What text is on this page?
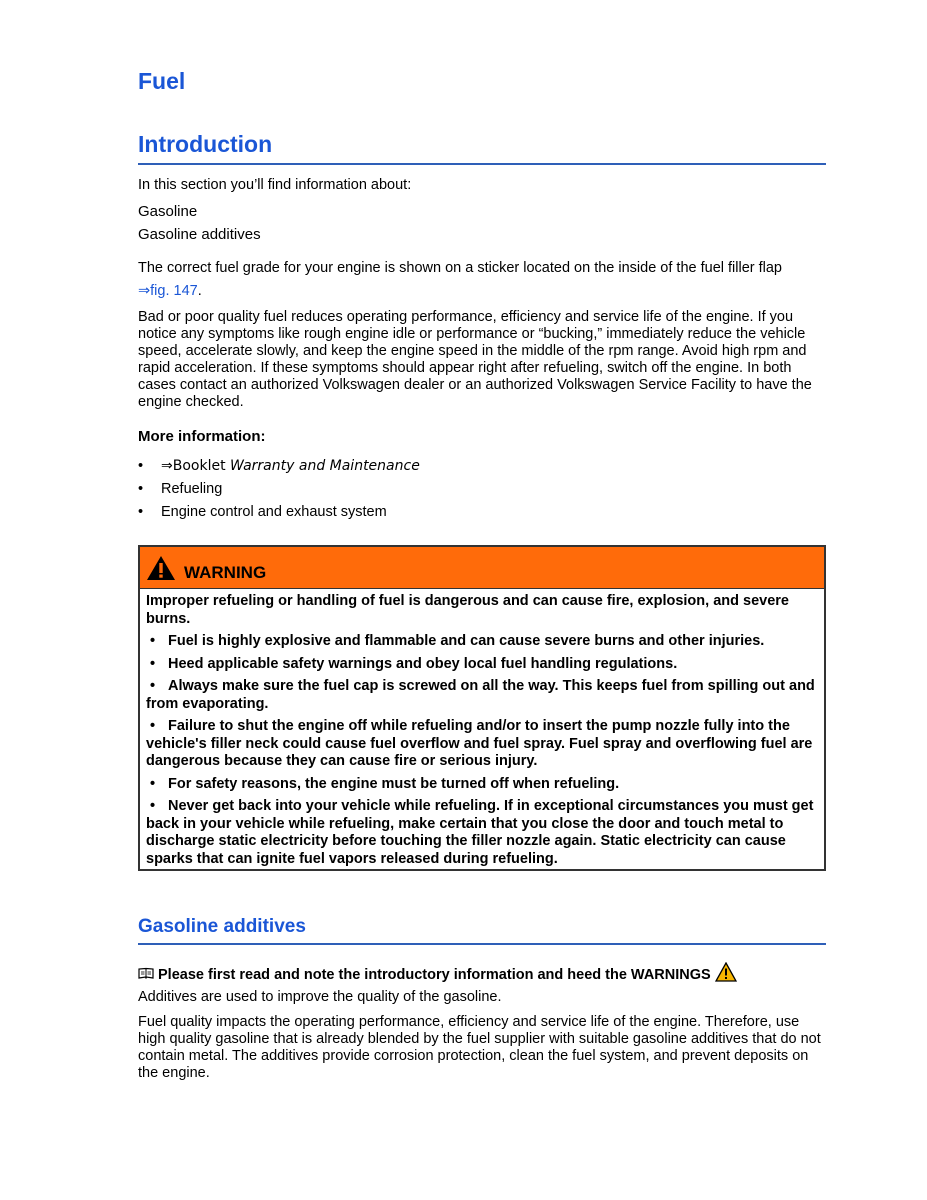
Fuel
Introduction
In this section you’ll find information about:
Gasoline
Gasoline additives
The correct fuel grade for your engine is shown on a sticker located on the inside of the fuel filler flap
⇒fig. 147.
Bad or poor quality fuel reduces operating performance, efficiency and service life of the engine. If you notice any symptoms like rough engine idle or performance or “bucking,” immediately reduce the vehicle speed, accelerate slowly, and keep the engine speed in the middle of the rpm range. Avoid high rpm and rapid acceleration. If these symptoms should appear right after refueling, switch off the engine. In both cases contact an authorized Volkswagen dealer or an authorized Volkswagen Service Facility to have the engine checked.
More information:
• ⇒Booklet Warranty and Maintenance
• Refueling
• Engine control and exhaust system
WARNING

Improper refueling or handling of fuel is dangerous and can cause fire, explosion, and severe burns.

• Fuel is highly explosive and flammable and can cause severe burns and other injuries.
• Heed applicable safety warnings and obey local fuel handling regulations.
• Always make sure the fuel cap is screwed on all the way. This keeps fuel from spilling out and from evaporating.
• Failure to shut the engine off while refueling and/or to insert the pump nozzle fully into the vehicle's filler neck could cause fuel overflow and fuel spray. Fuel spray and overflowing fuel are dangerous because they can cause fire or serious injury.
• For safety reasons, the engine must be turned off when refueling.
• Never get back into your vehicle while refueling. If in exceptional circumstances you must get back in your vehicle while refueling, make certain that you close the door and touch metal to discharge static electricity before touching the filler nozzle again. Static electricity can cause sparks that can ignite fuel vapors released during refueling.
Gasoline additives
Please first read and note the introductory information and heed the WARNINGS
Additives are used to improve the quality of the gasoline.
Fuel quality impacts the operating performance, efficiency and service life of the engine. Therefore, use high quality gasoline that is already blended by the fuel supplier with suitable gasoline additives that do not contain metal. The additives provide corrosion protection, clean the fuel system, and prevent deposits on the engine.
